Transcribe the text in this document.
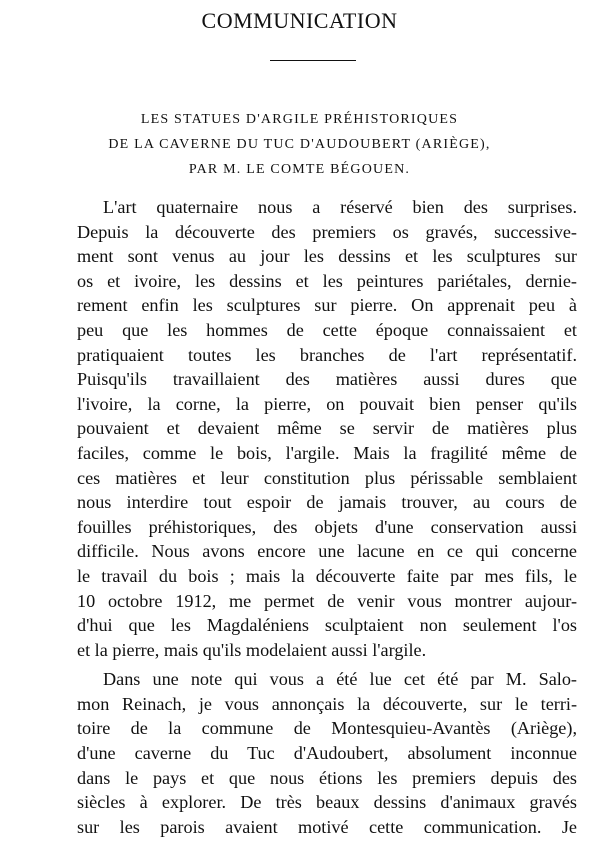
COMMUNICATION
LES STATUES D'ARGILE PRÉHISTORIQUES
DE LA CAVERNE DU TUC D'AUDOUBERT (ARIÈGE),
PAR M. LE COMTE BÉGOUEN.
L'art quaternaire nous a réservé bien des surprises.
Depuis la découverte des premiers os gravés, successive-
ment sont venus au jour les dessins et les sculptures sur
os et ivoire, les dessins et les peintures pariétales, dernie-
rement enfin les sculptures sur pierre. On apprenait peu à
peu que les hommes de cette époque connaissaient et
pratiquaient toutes les branches de l'art représentatif.
Puisqu'ils travaillaient des matières aussi dures que
l'ivoire, la corne, la pierre, on pouvait bien penser qu'ils
pouvaient et devaient même se servir de matières plus
faciles, comme le bois, l'argile. Mais la fragilité même de
ces matières et leur constitution plus périssable semblaient
nous interdire tout espoir de jamais trouver, au cours de
fouilles préhistoriques, des objets d'une conservation aussi
difficile. Nous avons encore une lacune en ce qui concerne
le travail du bois ; mais la découverte faite par mes fils, le
10 octobre 1912, me permet de venir vous montrer aujour-
d'hui que les Magdaléniens sculptaient non seulement l'os
et la pierre, mais qu'ils modelaient aussi l'argile.
Dans une note qui vous a été lue cet été par M. Salo-
mon Reinach, je vous annonçais la découverte, sur le terri-
toire de la commune de Montesquieu-Avantès (Ariège),
d'une caverne du Tuc d'Audoubert, absolument inconnue
dans le pays et que nous étions les premiers depuis des
siècles à explorer. De très beaux dessins d'animaux gravés
sur les parois avaient motivé cette communication. Je
